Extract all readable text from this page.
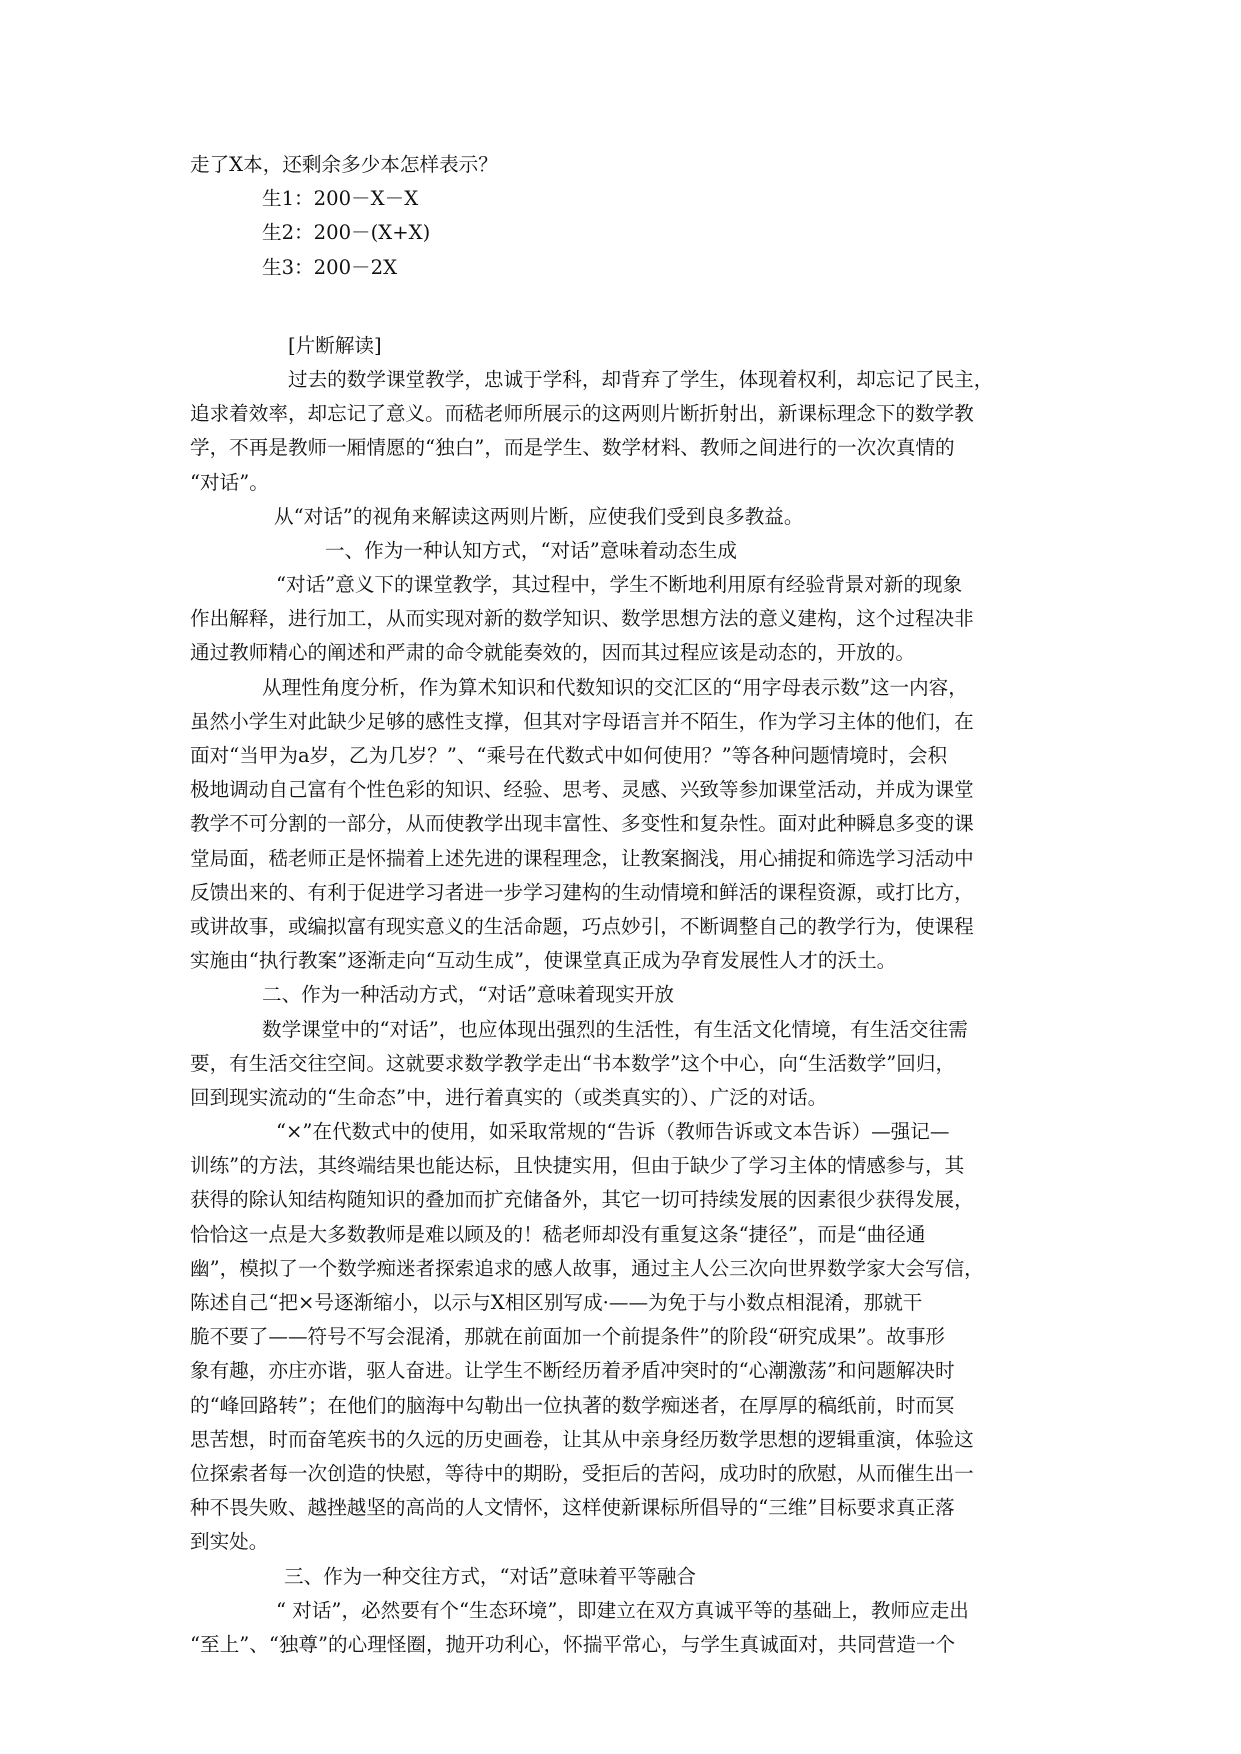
走了X本，还剩余多少本怎样表示？
生1：200－X－X
生2：200－(X+X)
生3：200－2X
[片断解读]
过去的数学课堂教学，忠诚于学科，却背弃了学生，体现着权利，却忘记了民主，
追求着效率，却忘记了意义。而嵇老师所展示的这两则片断折射出，新课标理念下的数学教
学，不再是教师一厢情愿的“独白”，而是学生、数学材料、教师之间进行的一次次真情的
“对话”。
从“对话”的视角来解读这两则片断，应使我们受到良多教益。
一、作为一种认知方式，“对话”意味着动态生成
“对话”意义下的课堂教学，其过程中，学生不断地利用原有经验背景对新的现象
作出解释，进行加工，从而实现对新的数学知识、数学思想方法的意义建构，这个过程决非
通过教师精心的阐述和严肃的命令就能奏效的，因而其过程应该是动态的，开放的。
从理性角度分析，作为算术知识和代数知识的交汇区的“用字母表示数”这一内容，
虽然小学生对此缺少足够的感性支撑，但其对字母语言并不陌生，作为学习主体的他们，在
面对“当甲为a岁，乙为几岁？”、“乘号在代数式中如何使用？”等各种问题情境时，会积
极地调动自己富有个性色彩的知识、经验、思考、灵感、兴致等参加课堂活动，并成为课堂
教学不可分割的一部分，从而使教学出现丰富性、多变性和复杂性。面对此种瞬息多变的课
堂局面，嵇老师正是怀揣着上述先进的课程理念，让教案搁浅，用心捕捉和筛选学习活动中
反馈出来的、有利于促进学习者进一步学习建构的生动情境和鲜活的课程资源，或打比方，
或讲故事，或编拟富有现实意义的生活命题，巧点妙引，不断调整自己的教学行为，使课程
实施由“执行教案”逐渐走向“互动生成”，使课堂真正成为孕育发展性人才的沃土。
二、作为一种活动方式，“对话”意味着现实开放
数学课堂中的“对话”，也应体现出强烈的生活性，有生活文化情境，有生活交往需
要，有生活交往空间。这就要求数学教学走出“书本数学”这个中心，向“生活数学”回归，
回到现实流动的“生命态”中，进行着真实的（或类真实的）、广泛的对话。
“×”在代数式中的使用，如采取常规的“告诉（教师告诉或文本告诉）—强记—
训练”的方法，其终端结果也能达标，且快捷实用，但由于缺少了学习主体的情感参与，其
获得的除认知结构随知识的叠加而扩充储备外，其它一切可持续发展的因素很少获得发展，
恰恰这一点是大多数教师是难以顾及的！嵇老师却没有重复这条“捷径”，而是“曲径通
幽”，模拟了一个数学痴迷者探索追求的感人故事，通过主人公三次向世界数学家大会写信，
陈述自己“把×号逐渐缩小，以示与X相区别写成·——为免于与小数点相混淆，那就干
脆不要了——符号不写会混淆，那就在前面加一个前提条件”的阶段“研究成果”。故事形
象有趣，亦庄亦谐，驱人奋进。让学生不断经历着矛盾冲突时的“心潮激荡”和问题解决时
的“峰回路转”；在他们的脑海中勾勒出一位执著的数学痴迷者，在厚厚的稿纸前，时而冥
思苦想，时而奋笔疾书的久远的历史画卷，让其从中亲身经历数学思想的逻辑重演，体验这
位探索者每一次创造的快慰，等待中的期盼，受拒后的苦闷，成功时的欣慰，从而催生出一
种不畏失败、越挫越坚的高尚的人文情怀，这样使新课标所倡导的“三维”目标要求真正落
到实处。
三、作为一种交往方式，“对话”意味着平等融合
“ 对话”，必然要有个“生态环境”，即建立在双方真诚平等的基础上，教师应走出
“至上”、“独尊”的心理怪圈，抛开功利心，怀揣平常心，与学生真诚面对，共同营造一个
